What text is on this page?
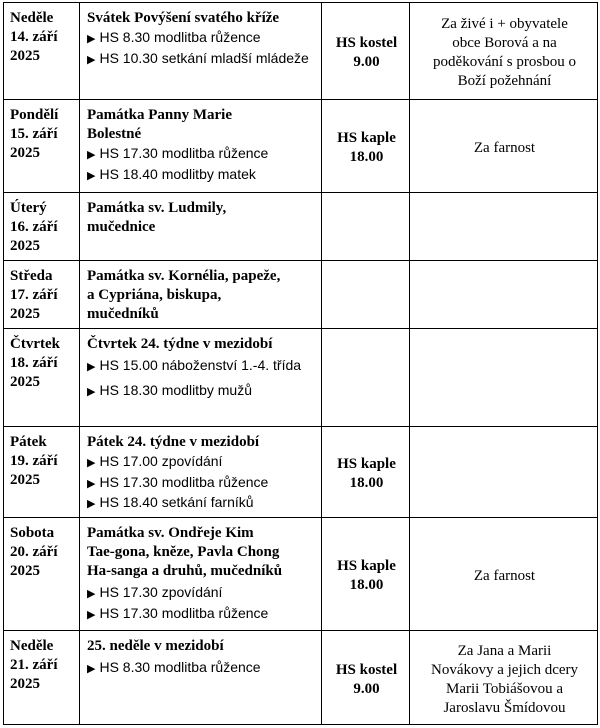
Neděle
14. září
2025	Svátek Povýšení svatého kříže
▶ HS 8.30 modlitba růžence
▶ HS 10.30 setkání mladší mládeže	HS kostel
9.00	Za živé i + obyvatele
obce Borová a na
poděkování s prosbou o
Boží požehnání

Pondělí
15. září
2025	Památka Panny Marie
Bolestné
▶ HS 17.30 modlitba růžence
▶ HS 18.40 modlitby matek	HS kaple
18.00	Za farnost

Úterý
16. září
2025	Památka sv. Ludmily,
mučednice		

Středa
17. září
2025	Památka sv. Kornélia, papeže,
a Cypriána, biskupa,
mučedníků		

Čtvrtek
18. září
2025	Čtvrtek 24. týdne v mezidobí
▶ HS 15.00 náboženství 1.-4. třída
▶ HS 18.30 modlitby mužů		

Pátek
19. září
2025	Pátek 24. týdne v mezidobí
▶ HS 17.00 zpovídání
▶ HS 17.30 modlitba růžence
▶ HS 18.40 setkání farníků	HS kaple
18.00	

Sobota
20. září
2025	Památka sv. Ondřeje Kim
Tae-gona, kněze, Pavla Chong
Ha-sanga a druhů, mučedníků
▶ HS 17.30 zpovídání
▶ HS 17.30 modlitba růžence	HS kaple
18.00	Za farnost

Neděle
21. září
2025	25. neděle v mezidobí
▶ HS 8.30 modlitba růžence	HS kostel
9.00	Za Jana a Marii
Novákovy a jejich dcery
Marii Tobiášovou a
Jaroslavu Šmídovou
